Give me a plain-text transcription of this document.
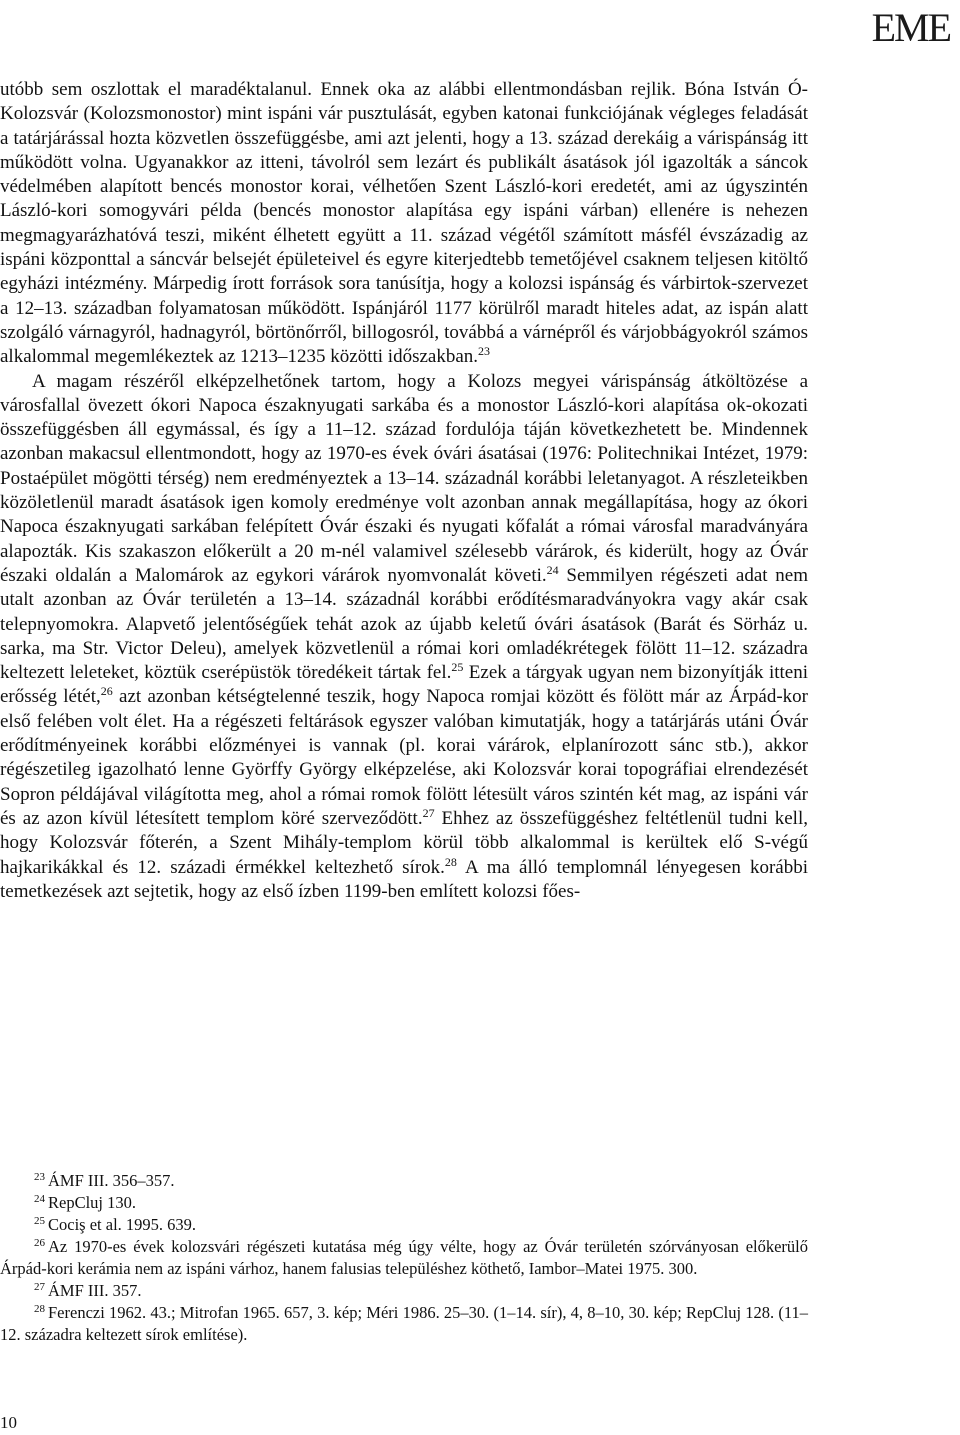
EME

utóbb sem oszlottak el maradéktalanul. Ennek oka az alábbi ellentmondásban rejlik. Bóna István Ó-Kolozsvár (Kolozsmonostor) mint ispáni vár pusztulását, egyben katonai funkciójának végleges feladását a tatárjárással hozta közvetlen összefüggésbe, ami azt jelenti, hogy a 13. század derekáig a várispánság itt működött volna. Ugyanakkor az itteni, távolról sem lezárt és publikált ásatások jól igazolták a sáncok védelmében alapított bencés monostor korai, vélhetően Szent László-kori eredetét, ami az úgyszintén László-kori somogyvári példa (bencés monostor alapítása egy ispáni várban) ellenére is nehezen megmagyarázhatóvá teszi, miként élhetett együtt a 11. század végétől számított másfél évszázadig az ispáni központtal a sáncvár belsejét épületeivel és egyre kiterjedtebb temetőjével csaknem teljesen kitöltő egyházi intézmény. Márpedig írott források sora tanúsítja, hogy a kolozsi ispánság és várbirtok-szervezet a 12–13. században folyamatosan működött. Ispánjáról 1177 körülről maradt hiteles adat, az ispán alatt szolgáló várnagyról, hadnagyról, börtönőrről, billogosról, továbbá a várnépről és várjobbágyokról számos alkalommal megemlékeztek az 1213–1235 közötti időszakban.$^{23}$

A magam részéről elképzelhetőnek tartom, hogy a Kolozs megyei várispánság átköltözése a városfallal övezett ókori Napoca északnyugati sarkába és a monostor László-kori alapítása ok-okozati összefüggésben áll egymással, és így a 11–12. század fordulója táján következhetett be. Mindennek azonban makacsul ellentmondott, hogy az 1970-es évek óvári ásatásai (1976: Politechnikai Intézet, 1979: Postaépület mögötti térség) nem eredményeztek a 13–14. századnál korábbi leletanyagot. A részleteikben közöletlenül maradt ásatások igen komoly eredménye volt azonban annak megállapítása, hogy az ókori Napoca északnyugati sarkában felépített Óvár északi és nyugati kőfalát a római városfal maradványára alapozták. Kis szakaszon előkerült a 20 m-nél valamivel szélesebb várárok, és kiderült, hogy az Óvár északi oldalán a Malomárok az egykori várárok nyomvonalát követi.$^{24}$ Semmilyen régészeti adat nem utalt azonban az Óvár területén a 13–14. századnál korábbi erődítésmaradványokra vagy akár csak telepnyomokra. Alapvető jelentőségűek tehát azok az újabb keletű óvári ásatások (Barát és Sörház u. sarka, ma Str. Victor Deleu), amelyek közvetlenül a római kori omladékrétegek fölött 11–12. századra keltezett leleteket, köztük cserépüstök töredékeit tártak fel.$^{25}$ Ezek a tárgyak ugyan nem bizonyítják itteni erősség létét,$^{26}$ azt azonban kétségtelenné teszik, hogy Napoca romjai között és fölött már az Árpád-kor első felében volt élet. Ha a régészeti feltárások egyszer valóban kimutatják, hogy a tatárjárás utáni Óvár erődítményeinek korábbi előzményei is vannak (pl. korai várárok, elplanírozott sánc stb.), akkor régészetileg igazolható lenne Györffy György elképzelése, aki Kolozsvár korai topográfiai elrendezését Sopron példájával világította meg, ahol a római romok fölött létesült város szintén két mag, az ispáni vár és az azon kívül létesített templom köré szerveződött.$^{27}$ Ehhez az összefüggéshez feltétlenül tudni kell, hogy Kolozsvár főterén, a Szent Mihály-templom körül több alkalommal is kerültek elő S-végű hajkarikákkal és 12. századi érmékkel keltezhető sírok.$^{28}$ A ma álló templomnál lényegesen korábbi temetkezések azt sejtetik, hogy az első ízben 1199-ben említett kolozsi főes-

$^{23}$ ÁMF III. 356–357.

$^{24}$ RepCluj 130.

$^{25}$ Cociş et al. 1995. 639.

$^{26}$ Az 1970-es évek kolozsvári régészeti kutatása még úgy vélte, hogy az Óvár területén szórványosan előkerülő Árpád-kori kerámia nem az ispáni várhoz, hanem falusias településhez köthető, Iambor–Matei 1975. 300.

$^{27}$ ÁMF III. 357.

$^{28}$ Ferenczi 1962. 43.; Mitrofan 1965. 657, 3. kép; Méri 1986. 25–30. (1–14. sír), 4, 8–10, 30. kép; RepCluj 128. (11–12. századra keltezett sírok említése).

10
